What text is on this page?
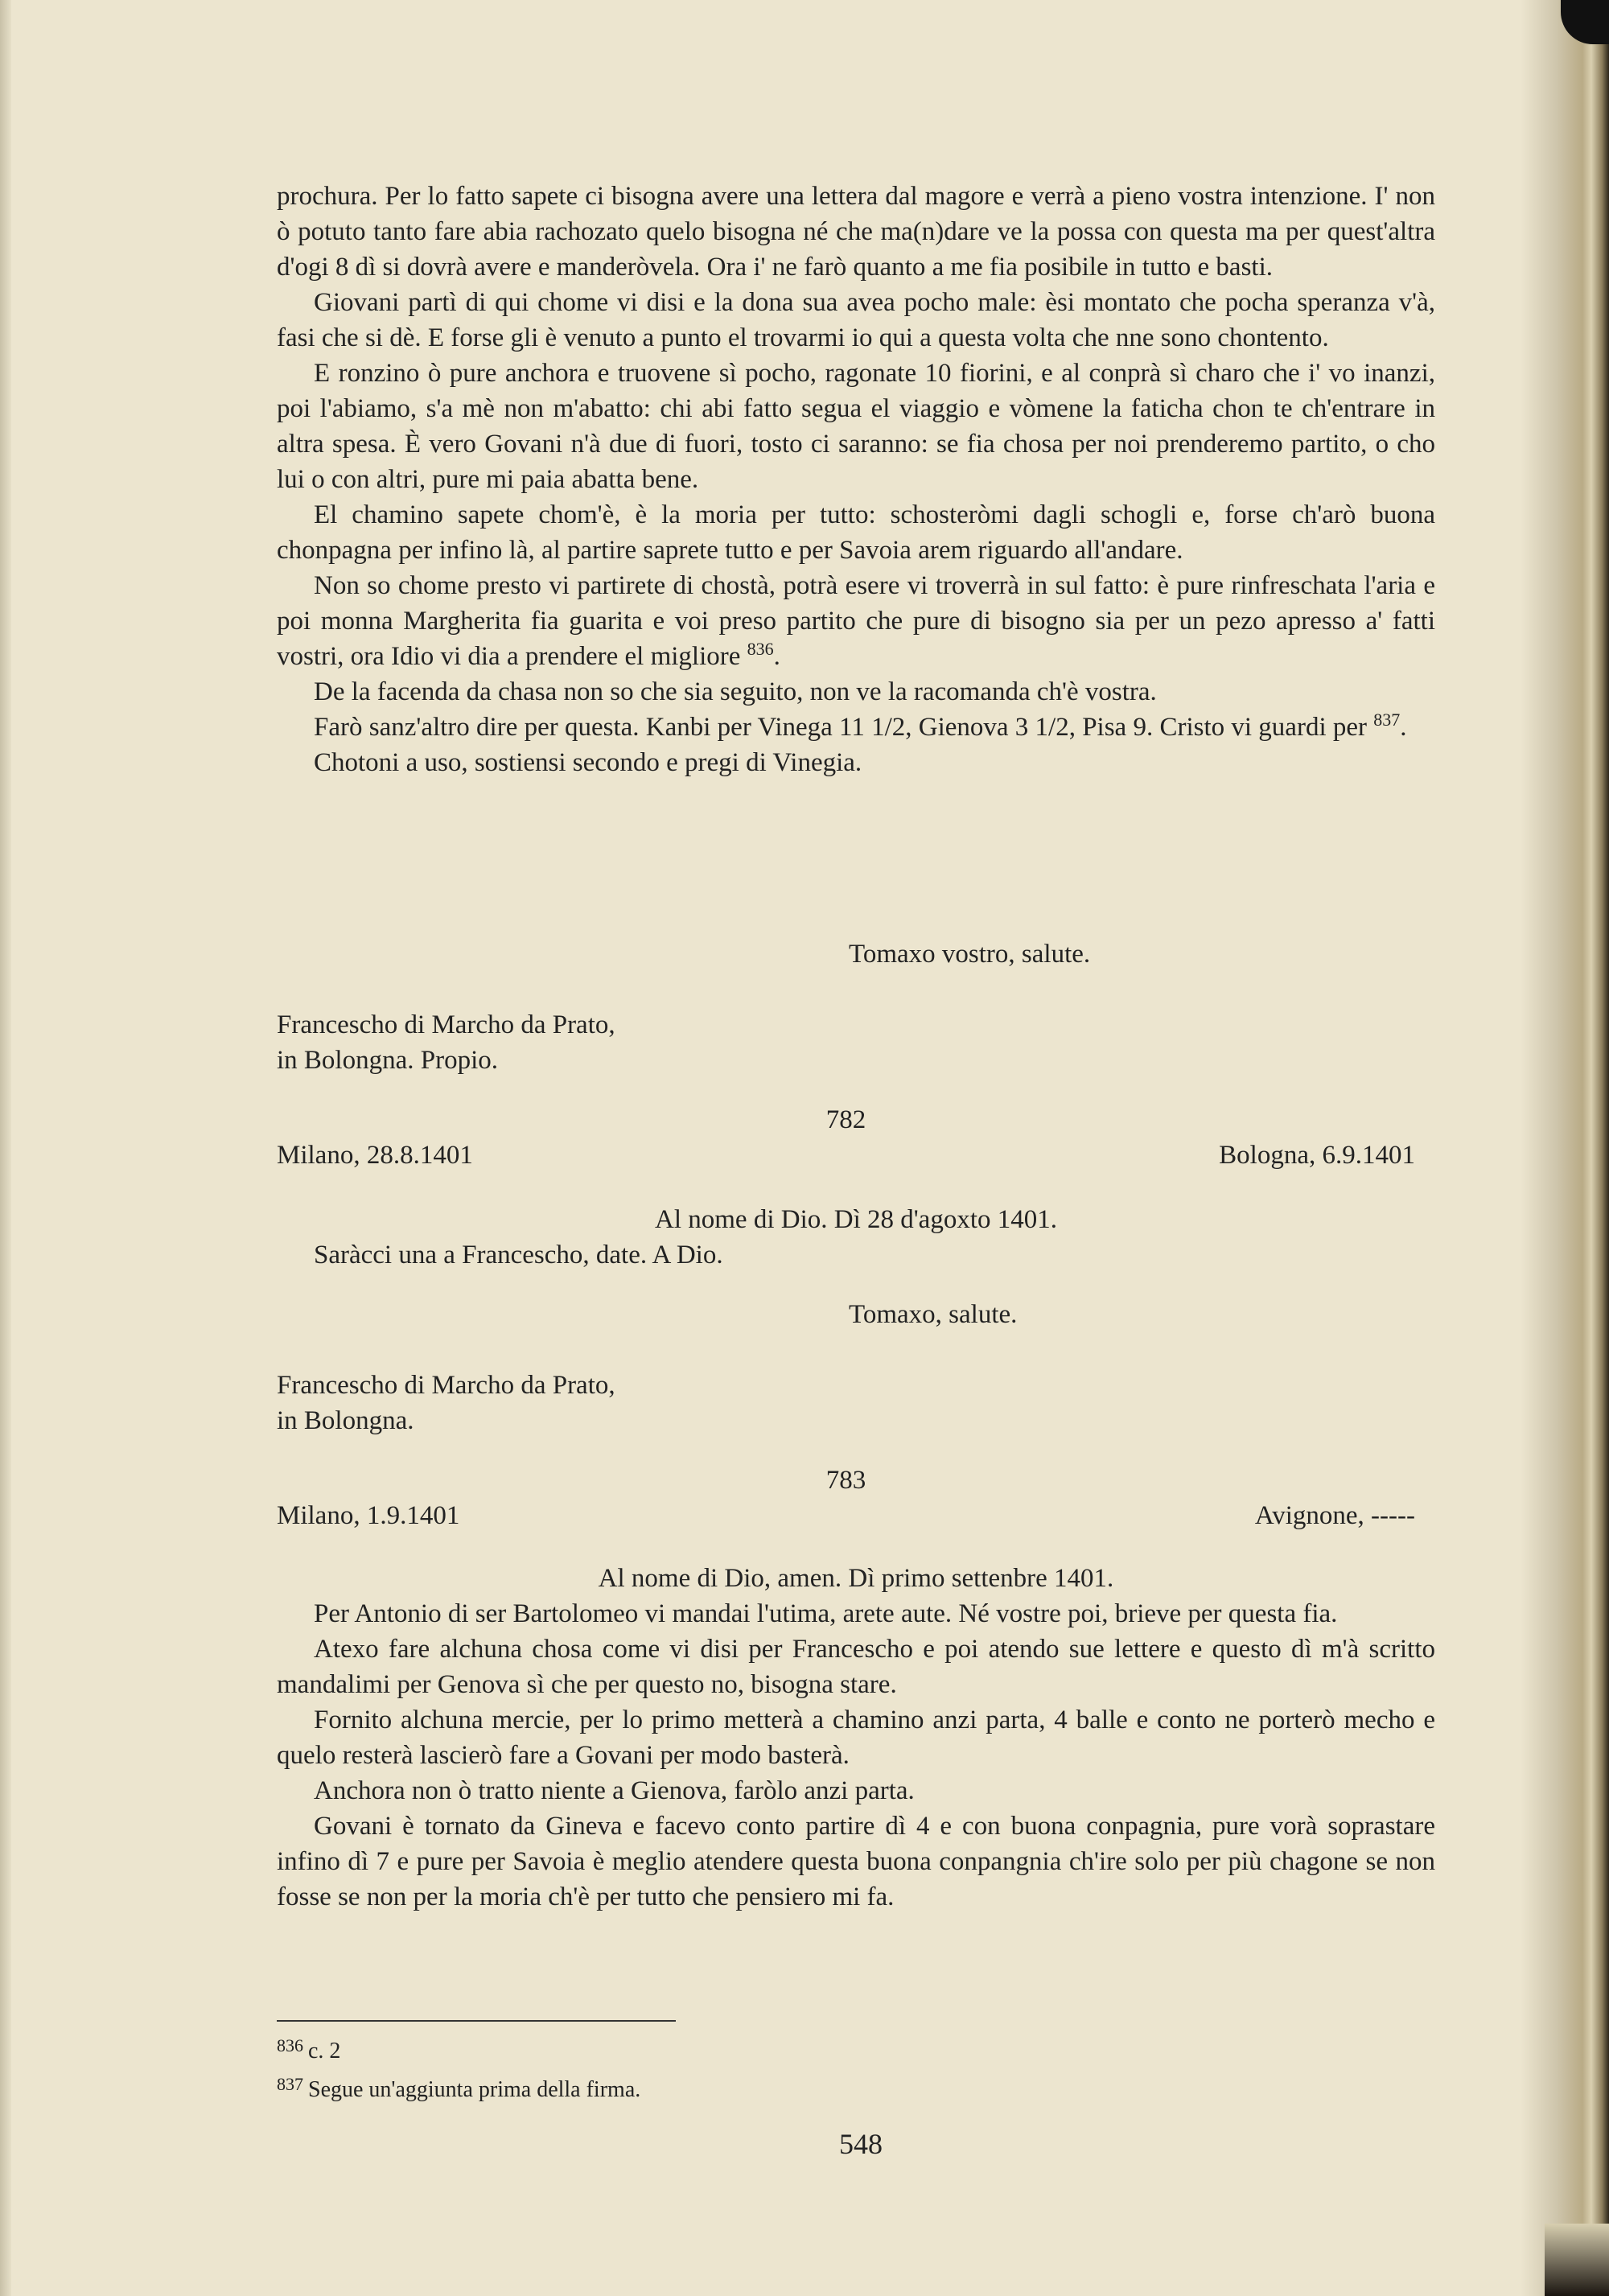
prochura. Per lo fatto sapete ci bisogna avere una lettera dal magore e verrà a pieno vostra intenzione. I' non ò potuto tanto fare abia rachozato quelo bisogna né che ma(n)dare ve la possa con questa ma per quest'altra d'ogi 8 dì si dovrà avere e manderòvela. Ora i' ne farò quanto a me fia posibile in tutto e basti.

Giovani partì di qui chome vi disi e la dona sua avea pocho male: èsi montato che pocha speranza v'à, fasi che si dè. E forse gli è venuto a punto el trovarmi io qui a questa volta che nne sono chontento.

E ronzino ò pure anchora e truovene sì pocho, ragonate 10 fiorini, e al conprà sì charo che i' vo inanzi, poi l'abiamo, s'a mè non m'abatto: chi abi fatto segua el viaggio e vòmene la faticha chon te ch'entrare in altra spesa. È vero Govani n'à due di fuori, tosto ci saranno: se fia chosa per noi prenderemo partito, o cho lui o con altri, pure mi paia abatta bene.

El chamino sapete chom'è, è la moria per tutto: schosteròmi dagli schogli e, forse ch'arò buona chonpagna per infino là, al partire saprete tutto e per Savoia arem riguardo all'andare.

Non so chome presto vi partirete di chostà, potrà esere vi troverrà in sul fatto: è pure rinfreschata l'aria e poi monna Margherita fia guarita e voi preso partito che pure di bisogno sia per un pezo apresso a' fatti vostri, ora Idio vi dia a prendere el migliore $^{836}$.

De la facenda da chasa non so che sia seguito, non ve la racomanda ch'è vostra.

Farò sanz'altro dire per questa. Kanbi per Vinega 11 1/2, Gienova 3 1/2, Pisa 9. Cristo vi guardi per $^{837}$.

Chotoni a uso, sostiensi secondo e pregi di Vinegia.

Tomaxo vostro, salute.
Francescho di Marcho da Prato,
in Bolongna. Propio.
782
Milano, 28.8.1401	Bologna, 6.9.1401

Al nome di Dio. Dì 28 d'agoxto 1401.

Saràcci una a Francescho, date. A Dio.

Tomaxo, salute.
Francescho di Marcho da Prato,
in Bolongna.
783
Milano, 1.9.1401	Avignone, -----

Al nome di Dio, amen. Dì primo settenbre 1401.

Per Antonio di ser Bartolomeo vi mandai l'utima, arete aute. Né vostre poi, brieve per questa fia.

Atexo fare alchuna chosa come vi disi per Francescho e poi atendo sue lettere e questo dì m'à scritto mandalimi per Genova sì che per questo no, bisogna stare.

Fornito alchuna mercie, per lo primo metterà a chamino anzi parta, 4 balle e conto ne porterò mecho e quelo resterà lascierò fare a Govani per modo basterà.

Anchora non ò tratto niente a Gienova, faròlo anzi parta.

Govani è tornato da Gineva e facevo conto partire dì 4 e con buona conpagnia, pure vorà soprastare infino dì 7 e pure per Savoia è meglio atendere questa buona conpangnia ch'ire solo per più chagone se non fosse se non per la moria ch'è per tutto che pensiero mi fa.

$^{836}$ c. 2
$^{837}$ Segue un'aggiunta prima della firma.
548
